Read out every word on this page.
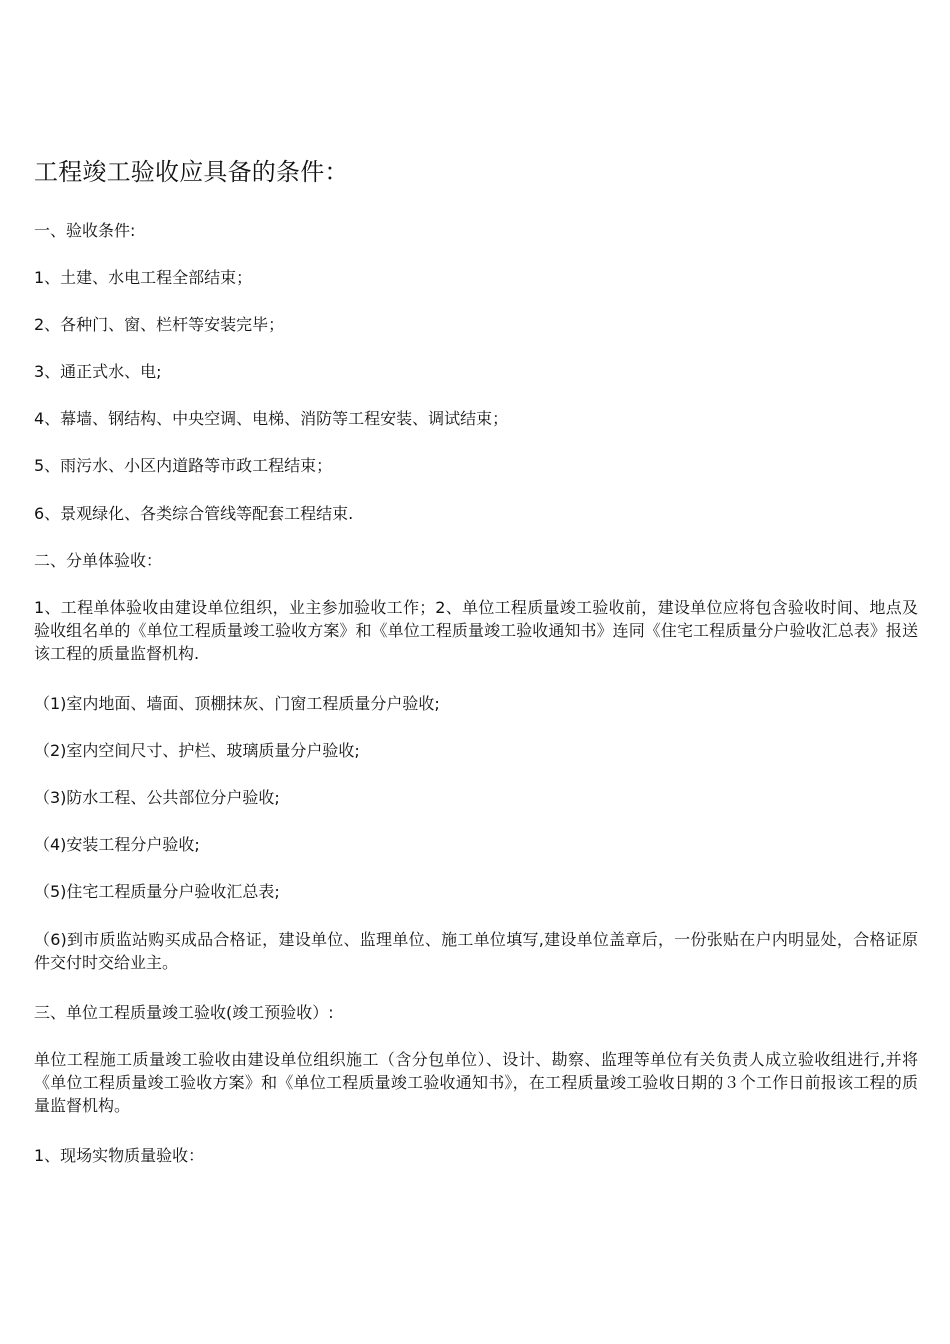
工程竣工验收应具备的条件：

一、验收条件:

1、土建、水电工程全部结束；

2、各种门、窗、栏杆等安装完毕；

3、通正式水、电;

4、幕墙、钢结构、中央空调、电梯、消防等工程安装、调试结束；

5、雨污水、小区内道路等市政工程结束；

6、景观绿化、各类综合管线等配套工程结束.

二、分单体验收：

1、工程单体验收由建设单位组织，业主参加验收工作；2、单位工程质量竣工验收前，建设单位应将包含验收时间、地点及验收组名单的《单位工程质量竣工验收方案》和《单位工程质量竣工验收通知书》连同《住宅工程质量分户验收汇总表》报送该工程的质量监督机构.

（1)室内地面、墙面、顶棚抹灰、门窗工程质量分户验收;

（2)室内空间尺寸、护栏、玻璃质量分户验收;

（3)防水工程、公共部位分户验收;

（4)安装工程分户验收;

（5)住宅工程质量分户验收汇总表;

（6)到市质监站购买成品合格证，建设单位、监理单位、施工单位填写,建设单位盖章后，一份张贴在户内明显处，合格证原件交付时交给业主。

三、单位工程质量竣工验收(竣工预验收）:

单位工程施工质量竣工验收由建设单位组织施工（含分包单位）、设计、勘察、监理等单位有关负责人成立验收组进行,并将《单位工程质量竣工验收方案》和《单位工程质量竣工验收通知书》，在工程质量竣工验收日期的３个工作日前报该工程的质量监督机构。

1、现场实物质量验收：
